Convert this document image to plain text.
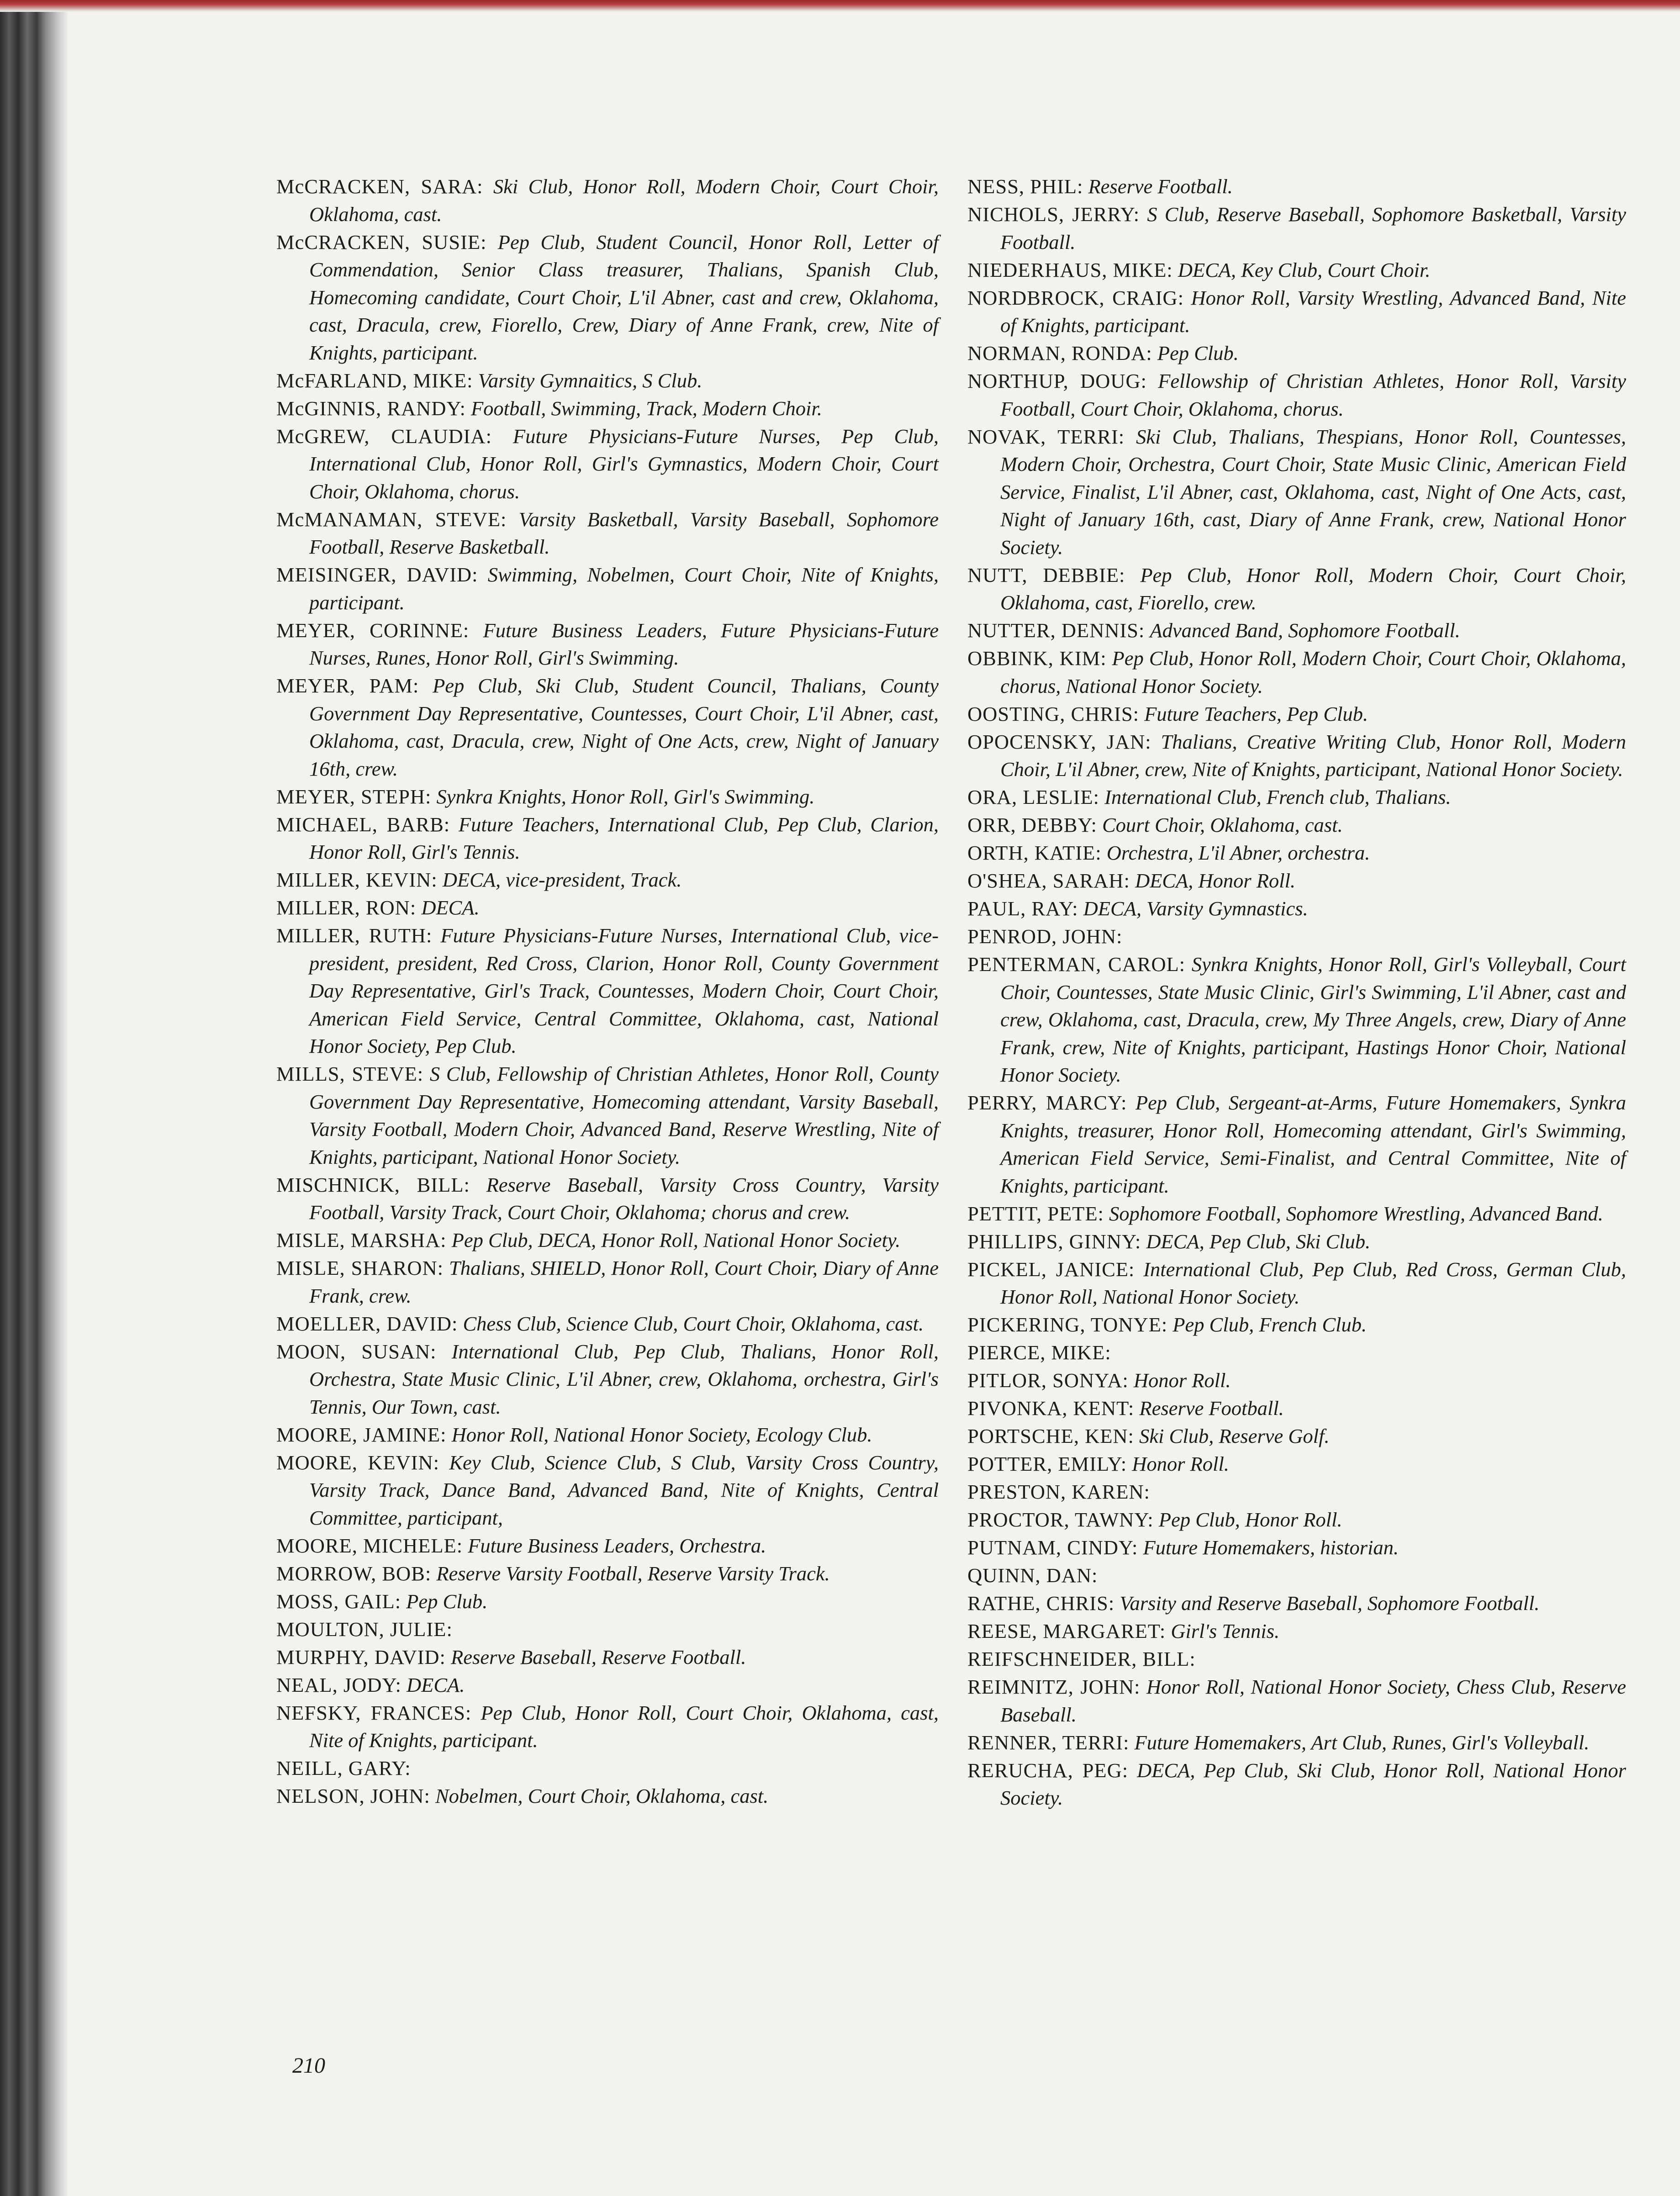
McCRACKEN, SARA: Ski Club, Honor Roll, Modern Choir, Court Choir, Oklahoma, cast.

McCRACKEN, SUSIE: Pep Club, Student Council, Honor Roll, Letter of Commendation, Senior Class treasurer, Thalians, Spanish Club, Homecoming candidate, Court Choir, L'il Abner, cast and crew, Oklahoma, cast, Dracula, crew, Fiorello, Crew, Diary of Anne Frank, crew, Nite of Knights, participant.

McFARLAND, MIKE: Varsity Gymnaitics, S Club.

McGINNIS, RANDY: Football, Swimming, Track, Modern Choir.

McGREW, CLAUDIA: Future Physicians-Future Nurses, Pep Club, International Club, Honor Roll, Girl's Gymnastics, Modern Choir, Court Choir, Oklahoma, chorus.

McMANAMAN, STEVE: Varsity Basketball, Varsity Baseball, Sophomore Football, Reserve Basketball.

MEISINGER, DAVID: Swimming, Nobelmen, Court Choir, Nite of Knights, participant.

MEYER, CORINNE: Future Business Leaders, Future Physicians-Future Nurses, Runes, Honor Roll, Girl's Swimming.

MEYER, PAM: Pep Club, Ski Club, Student Council, Thalians, County Government Day Representative, Countesses, Court Choir, L'il Abner, cast, Oklahoma, cast, Dracula, crew, Night of One Acts, crew, Night of January 16th, crew.

MEYER, STEPH: Synkra Knights, Honor Roll, Girl's Swimming.

MICHAEL, BARB: Future Teachers, International Club, Pep Club, Clarion, Honor Roll, Girl's Tennis.

MILLER, KEVIN: DECA, vice-president, Track.

MILLER, RON: DECA.

MILLER, RUTH: Future Physicians-Future Nurses, International Club, vice-president, president, Red Cross, Clarion, Honor Roll, County Government Day Representative, Girl's Track, Countesses, Modern Choir, Court Choir, American Field Service, Central Committee, Oklahoma, cast, National Honor Society, Pep Club.

MILLS, STEVE: S Club, Fellowship of Christian Athletes, Honor Roll, County Government Day Representative, Homecoming attendant, Varsity Baseball, Varsity Football, Modern Choir, Advanced Band, Reserve Wrestling, Nite of Knights, participant, National Honor Society.

MISCHNICK, BILL: Reserve Baseball, Varsity Cross Country, Varsity Football, Varsity Track, Court Choir, Oklahoma; chorus and crew.

MISLE, MARSHA: Pep Club, DECA, Honor Roll, National Honor Society.

MISLE, SHARON: Thalians, SHIELD, Honor Roll, Court Choir, Diary of Anne Frank, crew.

MOELLER, DAVID: Chess Club, Science Club, Court Choir, Oklahoma, cast.

MOON, SUSAN: International Club, Pep Club, Thalians, Honor Roll, Orchestra, State Music Clinic, L'il Abner, crew, Oklahoma, orchestra, Girl's Tennis, Our Town, cast.

MOORE, JAMINE: Honor Roll, National Honor Society, Ecology Club.

MOORE, KEVIN: Key Club, Science Club, S Club, Varsity Cross Country, Varsity Track, Dance Band, Advanced Band, Nite of Knights, Central Committee, participant,

MOORE, MICHELE: Future Business Leaders, Orchestra.

MORROW, BOB: Reserve Varsity Football, Reserve Varsity Track.

MOSS, GAIL: Pep Club.

MOULTON, JULIE:

MURPHY, DAVID: Reserve Baseball, Reserve Football.

NEAL, JODY: DECA.

NEFSKY, FRANCES: Pep Club, Honor Roll, Court Choir, Oklahoma, cast, Nite of Knights, participant.

NEILL, GARY:

NELSON, JOHN: Nobelmen, Court Choir, Oklahoma, cast.

NESS, PHIL: Reserve Football.

NICHOLS, JERRY: S Club, Reserve Baseball, Sophomore Basketball, Varsity Football.

NIEDERHAUS, MIKE: DECA, Key Club, Court Choir.

NORDBROCK, CRAIG: Honor Roll, Varsity Wrestling, Advanced Band, Nite of Knights, participant.

NORMAN, RONDA: Pep Club.

NORTHUP, DOUG: Fellowship of Christian Athletes, Honor Roll, Varsity Football, Court Choir, Oklahoma, chorus.

NOVAK, TERRI: Ski Club, Thalians, Thespians, Honor Roll, Countesses, Modern Choir, Orchestra, Court Choir, State Music Clinic, American Field Service, Finalist, L'il Abner, cast, Oklahoma, cast, Night of One Acts, cast, Night of January 16th, cast, Diary of Anne Frank, crew, National Honor Society.

NUTT, DEBBIE: Pep Club, Honor Roll, Modern Choir, Court Choir, Oklahoma, cast, Fiorello, crew.

NUTTER, DENNIS: Advanced Band, Sophomore Football.

OBBINK, KIM: Pep Club, Honor Roll, Modern Choir, Court Choir, Oklahoma, chorus, National Honor Society.

OOSTING, CHRIS: Future Teachers, Pep Club.

OPOCENSKY, JAN: Thalians, Creative Writing Club, Honor Roll, Modern Choir, L'il Abner, crew, Nite of Knights, participant, National Honor Society.

ORA, LESLIE: International Club, French club, Thalians.

ORR, DEBBY: Court Choir, Oklahoma, cast.

ORTH, KATIE: Orchestra, L'il Abner, orchestra.

O'SHEA, SARAH: DECA, Honor Roll.

PAUL, RAY: DECA, Varsity Gymnastics.

PENROD, JOHN:

PENTERMAN, CAROL: Synkra Knights, Honor Roll, Girl's Volleyball, Court Choir, Countesses, State Music Clinic, Girl's Swimming, L'il Abner, cast and crew, Oklahoma, cast, Dracula, crew, My Three Angels, crew, Diary of Anne Frank, crew, Nite of Knights, participant, Hastings Honor Choir, National Honor Society.

PERRY, MARCY: Pep Club, Sergeant-at-Arms, Future Homemakers, Synkra Knights, treasurer, Honor Roll, Homecoming attendant, Girl's Swimming, American Field Service, Semi-Finalist, and Central Committee, Nite of Knights, participant.

PETTIT, PETE: Sophomore Football, Sophomore Wrestling, Advanced Band.

PHILLIPS, GINNY: DECA, Pep Club, Ski Club.

PICKEL, JANICE: International Club, Pep Club, Red Cross, German Club, Honor Roll, National Honor Society.

PICKERING, TONYE: Pep Club, French Club.

PIERCE, MIKE:

PITLOR, SONYA: Honor Roll.

PIVONKA, KENT: Reserve Football.

PORTSCHE, KEN: Ski Club, Reserve Golf.

POTTER, EMILY: Honor Roll.

PRESTON, KAREN:

PROCTOR, TAWNY: Pep Club, Honor Roll.

PUTNAM, CINDY: Future Homemakers, historian.

QUINN, DAN:

RATHE, CHRIS: Varsity and Reserve Baseball, Sophomore Football.

REESE, MARGARET: Girl's Tennis.

REIFSCHNEIDER, BILL:

REIMNITZ, JOHN: Honor Roll, National Honor Society, Chess Club, Reserve Baseball.

RENNER, TERRI: Future Homemakers, Art Club, Runes, Girl's Volleyball.

RERUCHA, PEG: DECA, Pep Club, Ski Club, Honor Roll, National Honor Society.

210
